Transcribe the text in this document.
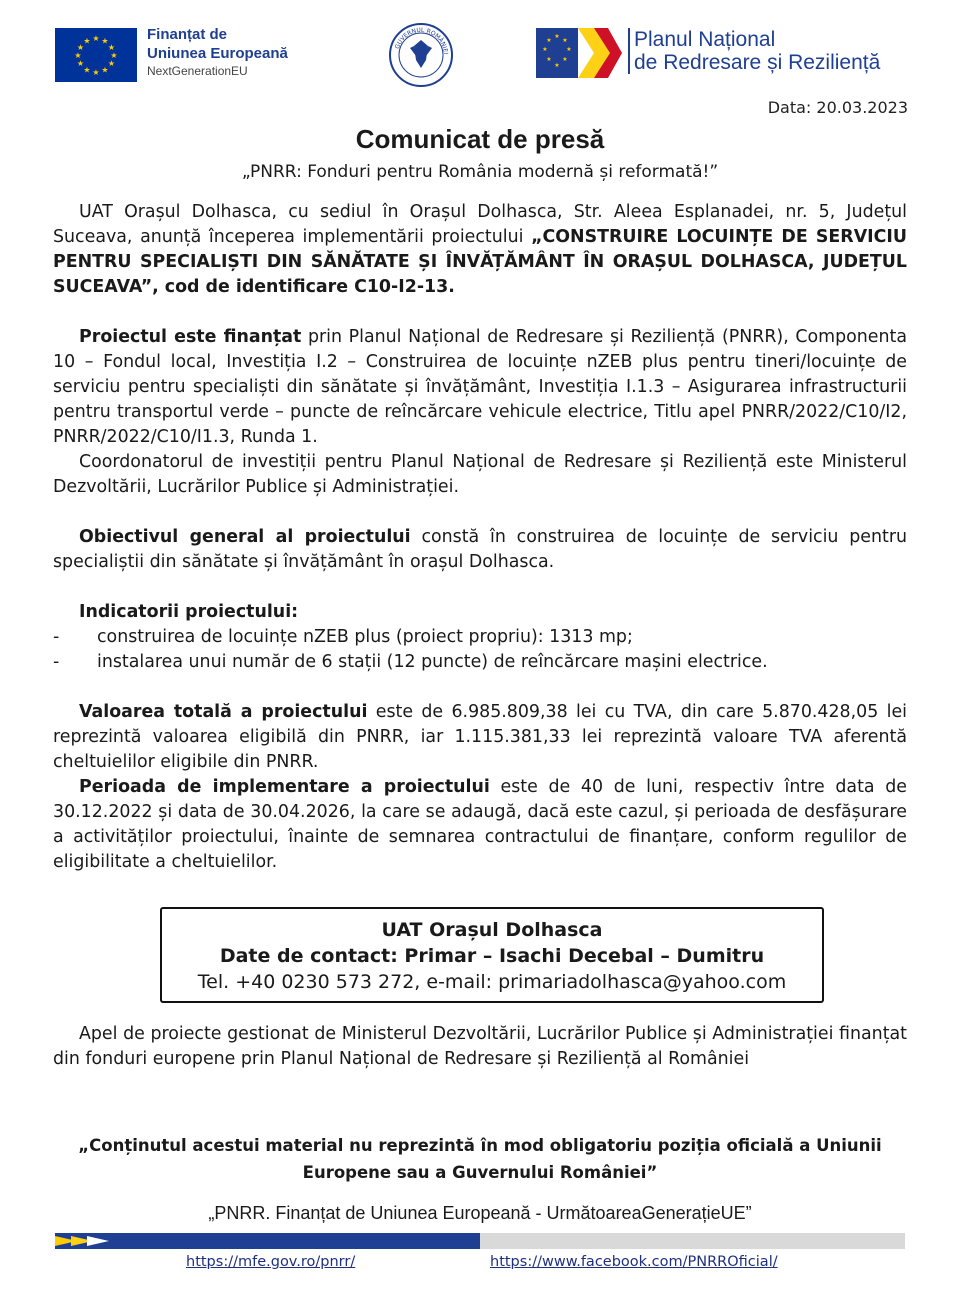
★ ★
★
★
★
★
★
★
★
★
★
★	Finanțat de
Uniunea Europeană
NextGenerationEU
GUVERNUL ROMÂNIEI
★
★
★
★
★
★
★
★	Planul Național
de Redresare și Reziliență
Data: 20.03.2023
Comunicat de presă
„PNRR: Fonduri pentru România modernă și reformată!”

UAT Orașul Dolhasca, cu sediul în Orașul Dolhasca, Str. Aleea Esplanadei, nr. 5, Județul Suceava, anunță începerea implementării proiectului „CONSTRUIRE LOCUINȚE DE SERVICIU PENTRU SPECIALIȘTI DIN SĂNĂTATE ȘI ÎNVĂȚĂMÂNT ÎN ORAȘUL DOLHASCA, JUDEȚUL SUCEAVA”, cod de identificare C10-I2-13.

Proiectul este finanțat prin Planul Național de Redresare și Reziliență (PNRR), Componenta 10 – Fondul local, Investiția I.2 – Construirea de locuințe nZEB plus pentru tineri/locuințe de serviciu pentru specialiști din sănătate și învățământ, Investiția I.1.3 – Asigurarea infrastructurii pentru transportul verde – puncte de reîncărcare vehicule electrice, Titlu apel PNRR/2022/C10/I2, PNRR/2022/C10/I1.3, Runda 1.

Coordonatorul de investiții pentru Planul Național de Redresare și Reziliență este Ministerul Dezvoltării, Lucrărilor Publice și Administrației.

Obiectivul general al proiectului constă în construirea de locuințe de serviciu pentru specialiștii din sănătate și învățământ în orașul Dolhasca.

Indicatorii proiectului:
- construirea de locuințe nZEB plus (proiect propriu): 1313 mp;
- instalarea unui număr de 6 stații (12 puncte) de reîncărcare mașini electrice.

Valoarea totală a proiectului este de 6.985.809,38 lei cu TVA, din care 5.870.428,05 lei reprezintă valoarea eligibilă din PNRR, iar 1.115.381,33 lei reprezintă valoare TVA aferentă cheltuielilor eligibile din PNRR.

Perioada de implementare a proiectului este de 40 de luni, respectiv între data de 30.12.2022 și data de 30.04.2026, la care se adaugă, dacă este cazul, și perioada de desfășurare a activităților proiectului, înainte de semnarea contractului de finanțare, conform regulilor de eligibilitate a cheltuielilor.

UAT Orașul Dolhasca
Date de contact: Primar – Isachi Decebal – Dumitru
Tel. +40 0230 573 272, e-mail: primariadolhasca@yahoo.com
Apel de proiecte gestionat de Ministerul Dezvoltării, Lucrărilor Publice și Administrației finanțat din fonduri europene prin Planul Național de Redresare și Reziliență al României
„Conținutul acestui material nu reprezintă în mod obligatoriu poziția oficială a Uniunii Europene sau a Guvernului României”
„PNRR. Finanțat de Uniunea Europeană - UrmătoareaGenerațieUE”
https://mfe.gov.ro/pnrr/	https://www.facebook.com/PNRROficial/
